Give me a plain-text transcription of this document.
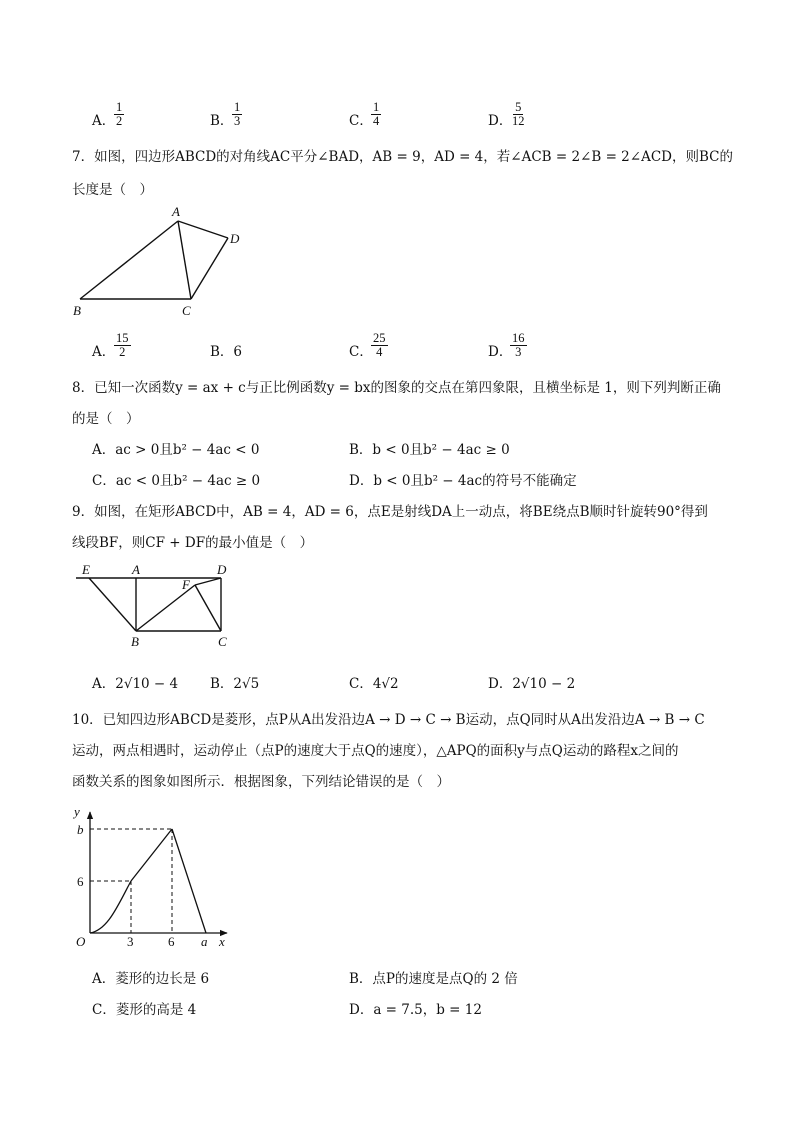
A．
$\frac{1}{2}$	B．
$\frac{1}{3}$	C．
$\frac{1}{4}$	D．
$\frac{5}{12}$
7．如图，四边形ABCD的对角线AC平分∠BAD，AB = 9，AD = 4，若∠ACB = 2∠B = 2∠ACD，则BC的
长度是（　）
A
D
B	C
A．
$\frac{15}{2}$	B．6	C．
$\frac{25}{4}$	D．
$\frac{16}{3}$
8．已知一次函数y = ax + c与正比例函数y = bx的图象的交点在第四象限，且横坐标是 1，则下列判断正确
的是（　）
A．ac > 0且b² − 4ac < 0	B．b < 0且b² − 4ac ≥ 0
C．ac < 0且b² − 4ac ≥ 0	D．b < 0且b² − 4ac的符号不能确定
9．如图，在矩形ABCD中，AB = 4，AD = 6，点E是射线DA上一动点，将BE绕点B顺时针旋转90°得到
线段BF，则CF + DF的最小值是（　）
E	A
F
D
B	C
A．2√10 − 4 B．2√5	C．4√2	D．2√10 − 2
10．已知四边形ABCD是菱形，点P从A出发沿边A → D → C → B运动，点Q同时从A出发沿边A → B → C
运动，两点相遇时，运动停止（点P的速度大于点Q的速度），△APQ的面积y与点Q运动的路程x之间的
函数关系的图象如图所示．根据图象，下列结论错误的是（　）
y
b
6
O	3	6 a x
A．菱形的边长是 6	B．点P的速度是点Q的 2 倍
C．菱形的高是 4	D．a = 7.5，b = 12
